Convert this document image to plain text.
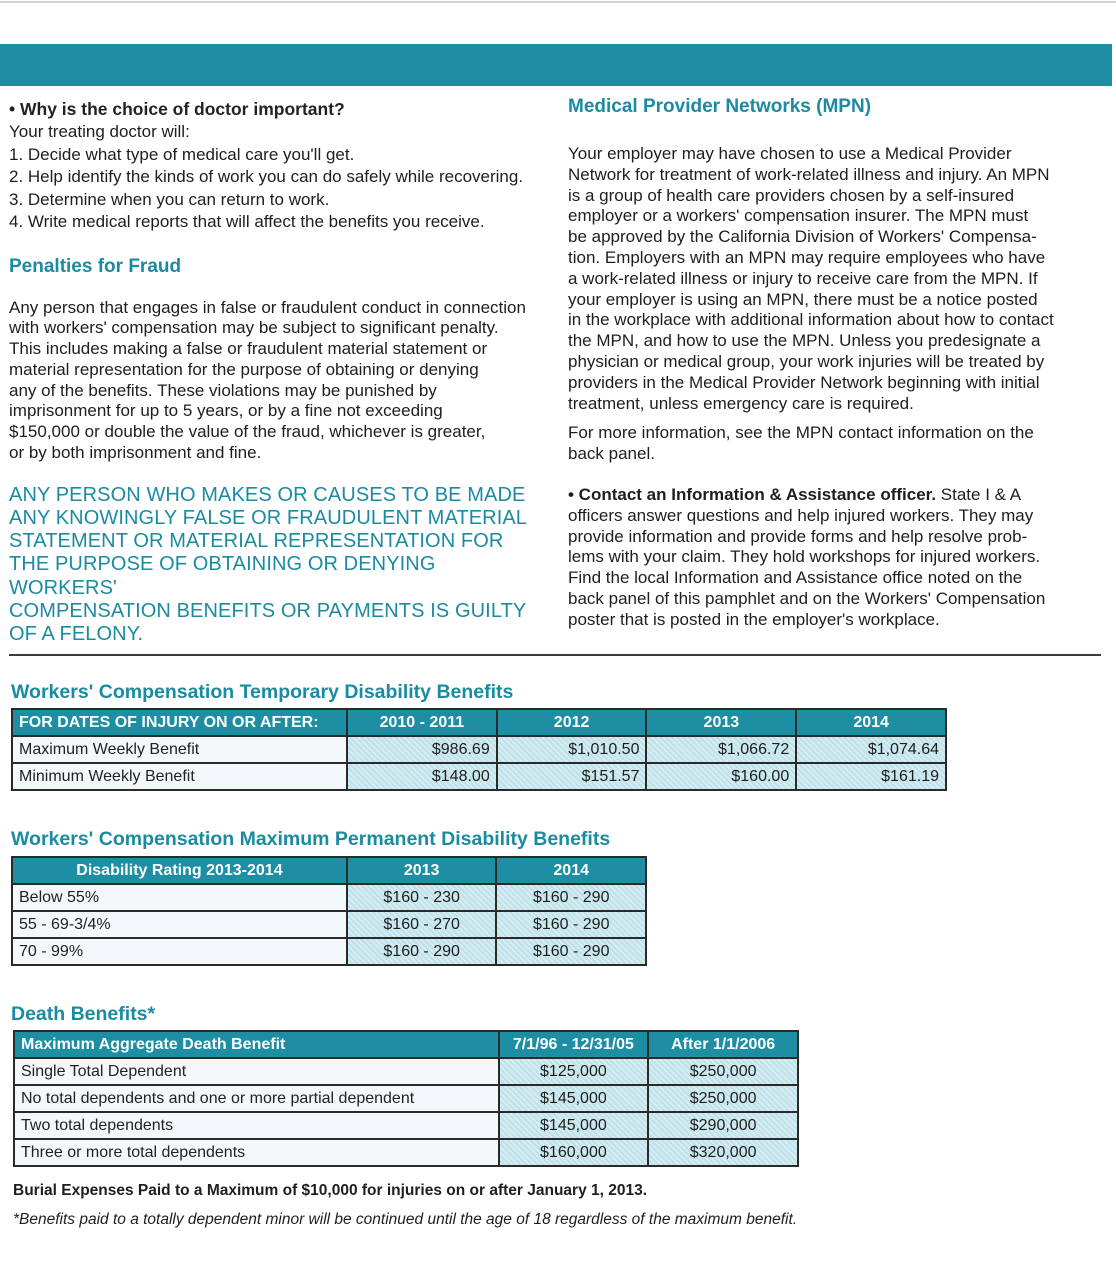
• Why is the choice of doctor important?
Your treating doctor will:
1. Decide what type of medical care you'll get.
2. Help identify the kinds of work you can do safely while recovering.
3. Determine when you can return to work.
4. Write medical reports that will affect the benefits you receive.
Penalties for Fraud
Any person that engages in false or fraudulent conduct in connection
with workers' compensation may be subject to significant penalty.
This includes making a false or fraudulent material statement or
material representation for the purpose of obtaining or denying
any of the benefits. These violations may be punished by
imprisonment for up to 5 years, or by a fine not exceeding
$150,000 or double the value of the fraud, whichever is greater,
or by both imprisonment and fine.
ANY PERSON WHO MAKES OR CAUSES TO BE MADE
ANY KNOWINGLY FALSE OR FRAUDULENT MATERIAL
STATEMENT OR MATERIAL REPRESENTATION FOR
THE PURPOSE OF OBTAINING OR DENYING WORKERS'
COMPENSATION BENEFITS OR PAYMENTS IS GUILTY
OF A FELONY.
Medical Provider Networks (MPN)
Your employer may have chosen to use a Medical Provider
Network for treatment of work-related illness and injury. An MPN
is a group of health care providers chosen by a self-insured
employer or a workers' compensation insurer. The MPN must
be approved by the California Division of Workers' Compensa-
tion. Employers with an MPN may require employees who have
a work-related illness or injury to receive care from the MPN. If
your employer is using an MPN, there must be a notice posted
in the workplace with additional information about how to contact
the MPN, and how to use the MPN. Unless you predesignate a
physician or medical group, your work injuries will be treated by
providers in the Medical Provider Network beginning with initial
treatment, unless emergency care is required.
For more information, see the MPN contact information on the
back panel.
• Contact an Information & Assistance officer. State I & A
officers answer questions and help injured workers. They may
provide information and provide forms and help resolve prob-
lems with your claim. They hold workshops for injured workers.
Find the local Information and Assistance office noted on the
back panel of this pamphlet and on the Workers' Compensation
poster that is posted in the employer's workplace.
Workers' Compensation Temporary Disability Benefits
FOR DATES OF INJURY ON OR AFTER:	2010 - 2011	2012	2013	2014
Maximum Weekly Benefit	$986.69	$1,010.50	$1,066.72	$1,074.64
Minimum Weekly Benefit	$148.00	$151.57	$160.00	$161.19
Workers' Compensation Maximum Permanent Disability Benefits
Disability Rating 2013-2014	2013	2014
Below 55%	$160 - 230	$160 - 290
55 - 69-3/4%	$160 - 270	$160 - 290
70 - 99%	$160 - 290	$160 - 290
Death Benefits*
Maximum Aggregate Death Benefit	7/1/96 - 12/31/05	After 1/1/2006
Single Total Dependent	$125,000	$250,000
No total dependents and one or more partial dependent	$145,000	$250,000
Two total dependents	$145,000	$290,000
Three or more total dependents	$160,000	$320,000
Burial Expenses Paid to a Maximum of $10,000 for injuries on or after January 1, 2013.
*Benefits paid to a totally dependent minor will be continued until the age of 18 regardless of the maximum benefit.
